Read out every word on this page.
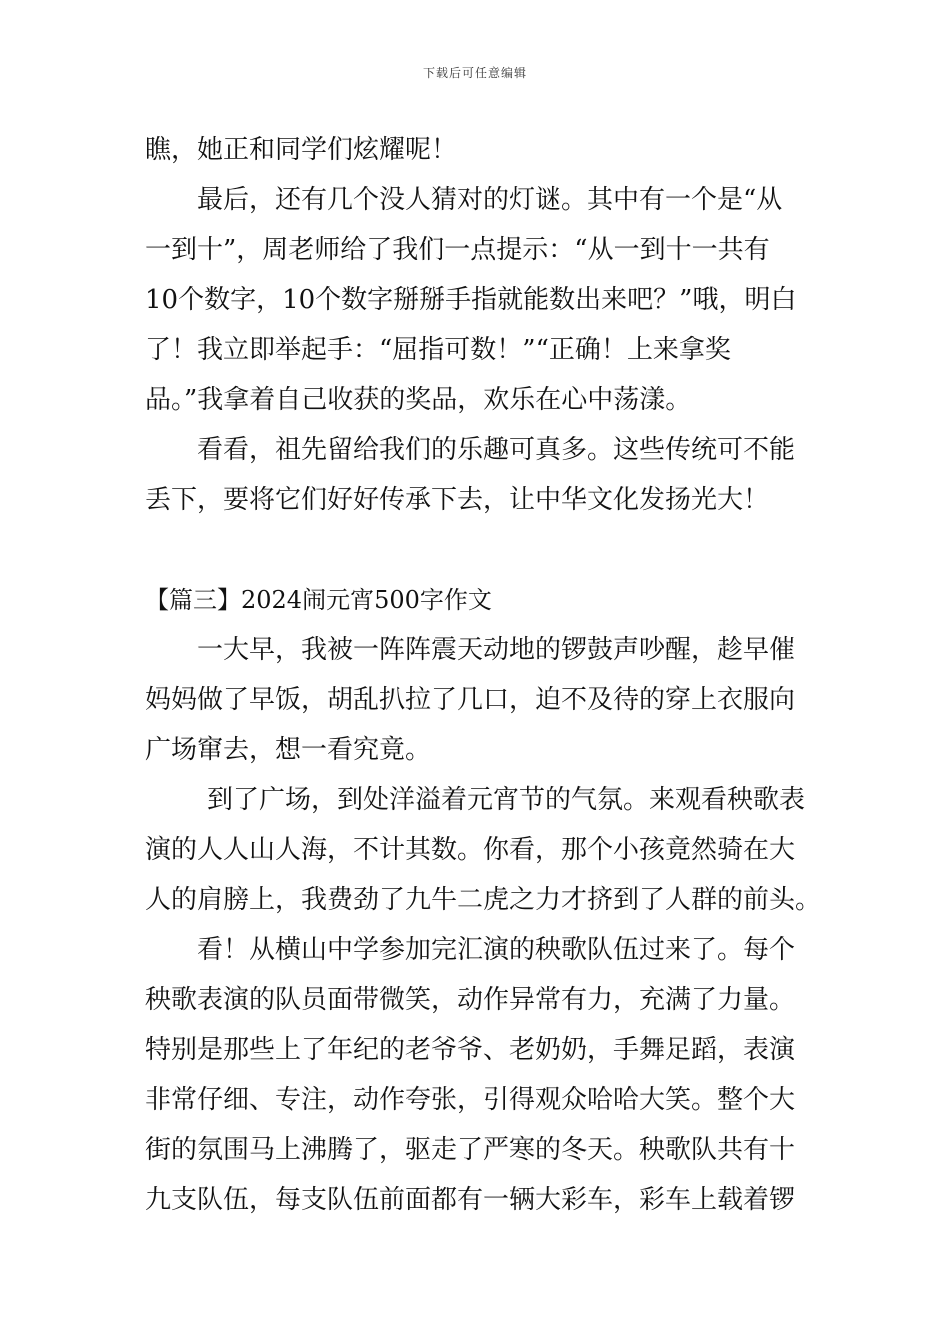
下载后可任意编辑
瞧，她正和同学们炫耀呢！
最后，还有几个没人猜对的灯谜。其中有一个是“从
一到十”，周老师给了我们一点提示：“从一到十一共有
10个数字，10个数字掰掰手指就能数出来吧？”哦，明白
了！我立即举起手：“屈指可数！”“正确！上来拿奖
品。”我拿着自己收获的奖品，欢乐在心中荡漾。
看看，祖先留给我们的乐趣可真多。这些传统可不能
丢下，要将它们好好传承下去，让中华文化发扬光大！
【篇三】2024闹元宵500字作文
一大早，我被一阵阵震天动地的锣鼓声吵醒，趁早催
妈妈做了早饭，胡乱扒拉了几口，迫不及待的穿上衣服向
广场窜去，想一看究竟。
到了广场，到处洋溢着元宵节的气氛。来观看秧歌表
演的人人山人海，不计其数。你看，那个小孩竟然骑在大
人的肩膀上，我费劲了九牛二虎之力才挤到了人群的前头。
看！从横山中学参加完汇演的秧歌队伍过来了。每个
秧歌表演的队员面带微笑，动作异常有力，充满了力量。
特别是那些上了年纪的老爷爷、老奶奶，手舞足蹈，表演
非常仔细、专注，动作夸张，引得观众哈哈大笑。整个大
街的氛围马上沸腾了，驱走了严寒的冬天。秧歌队共有十
九支队伍，每支队伍前面都有一辆大彩车，彩车上载着锣
